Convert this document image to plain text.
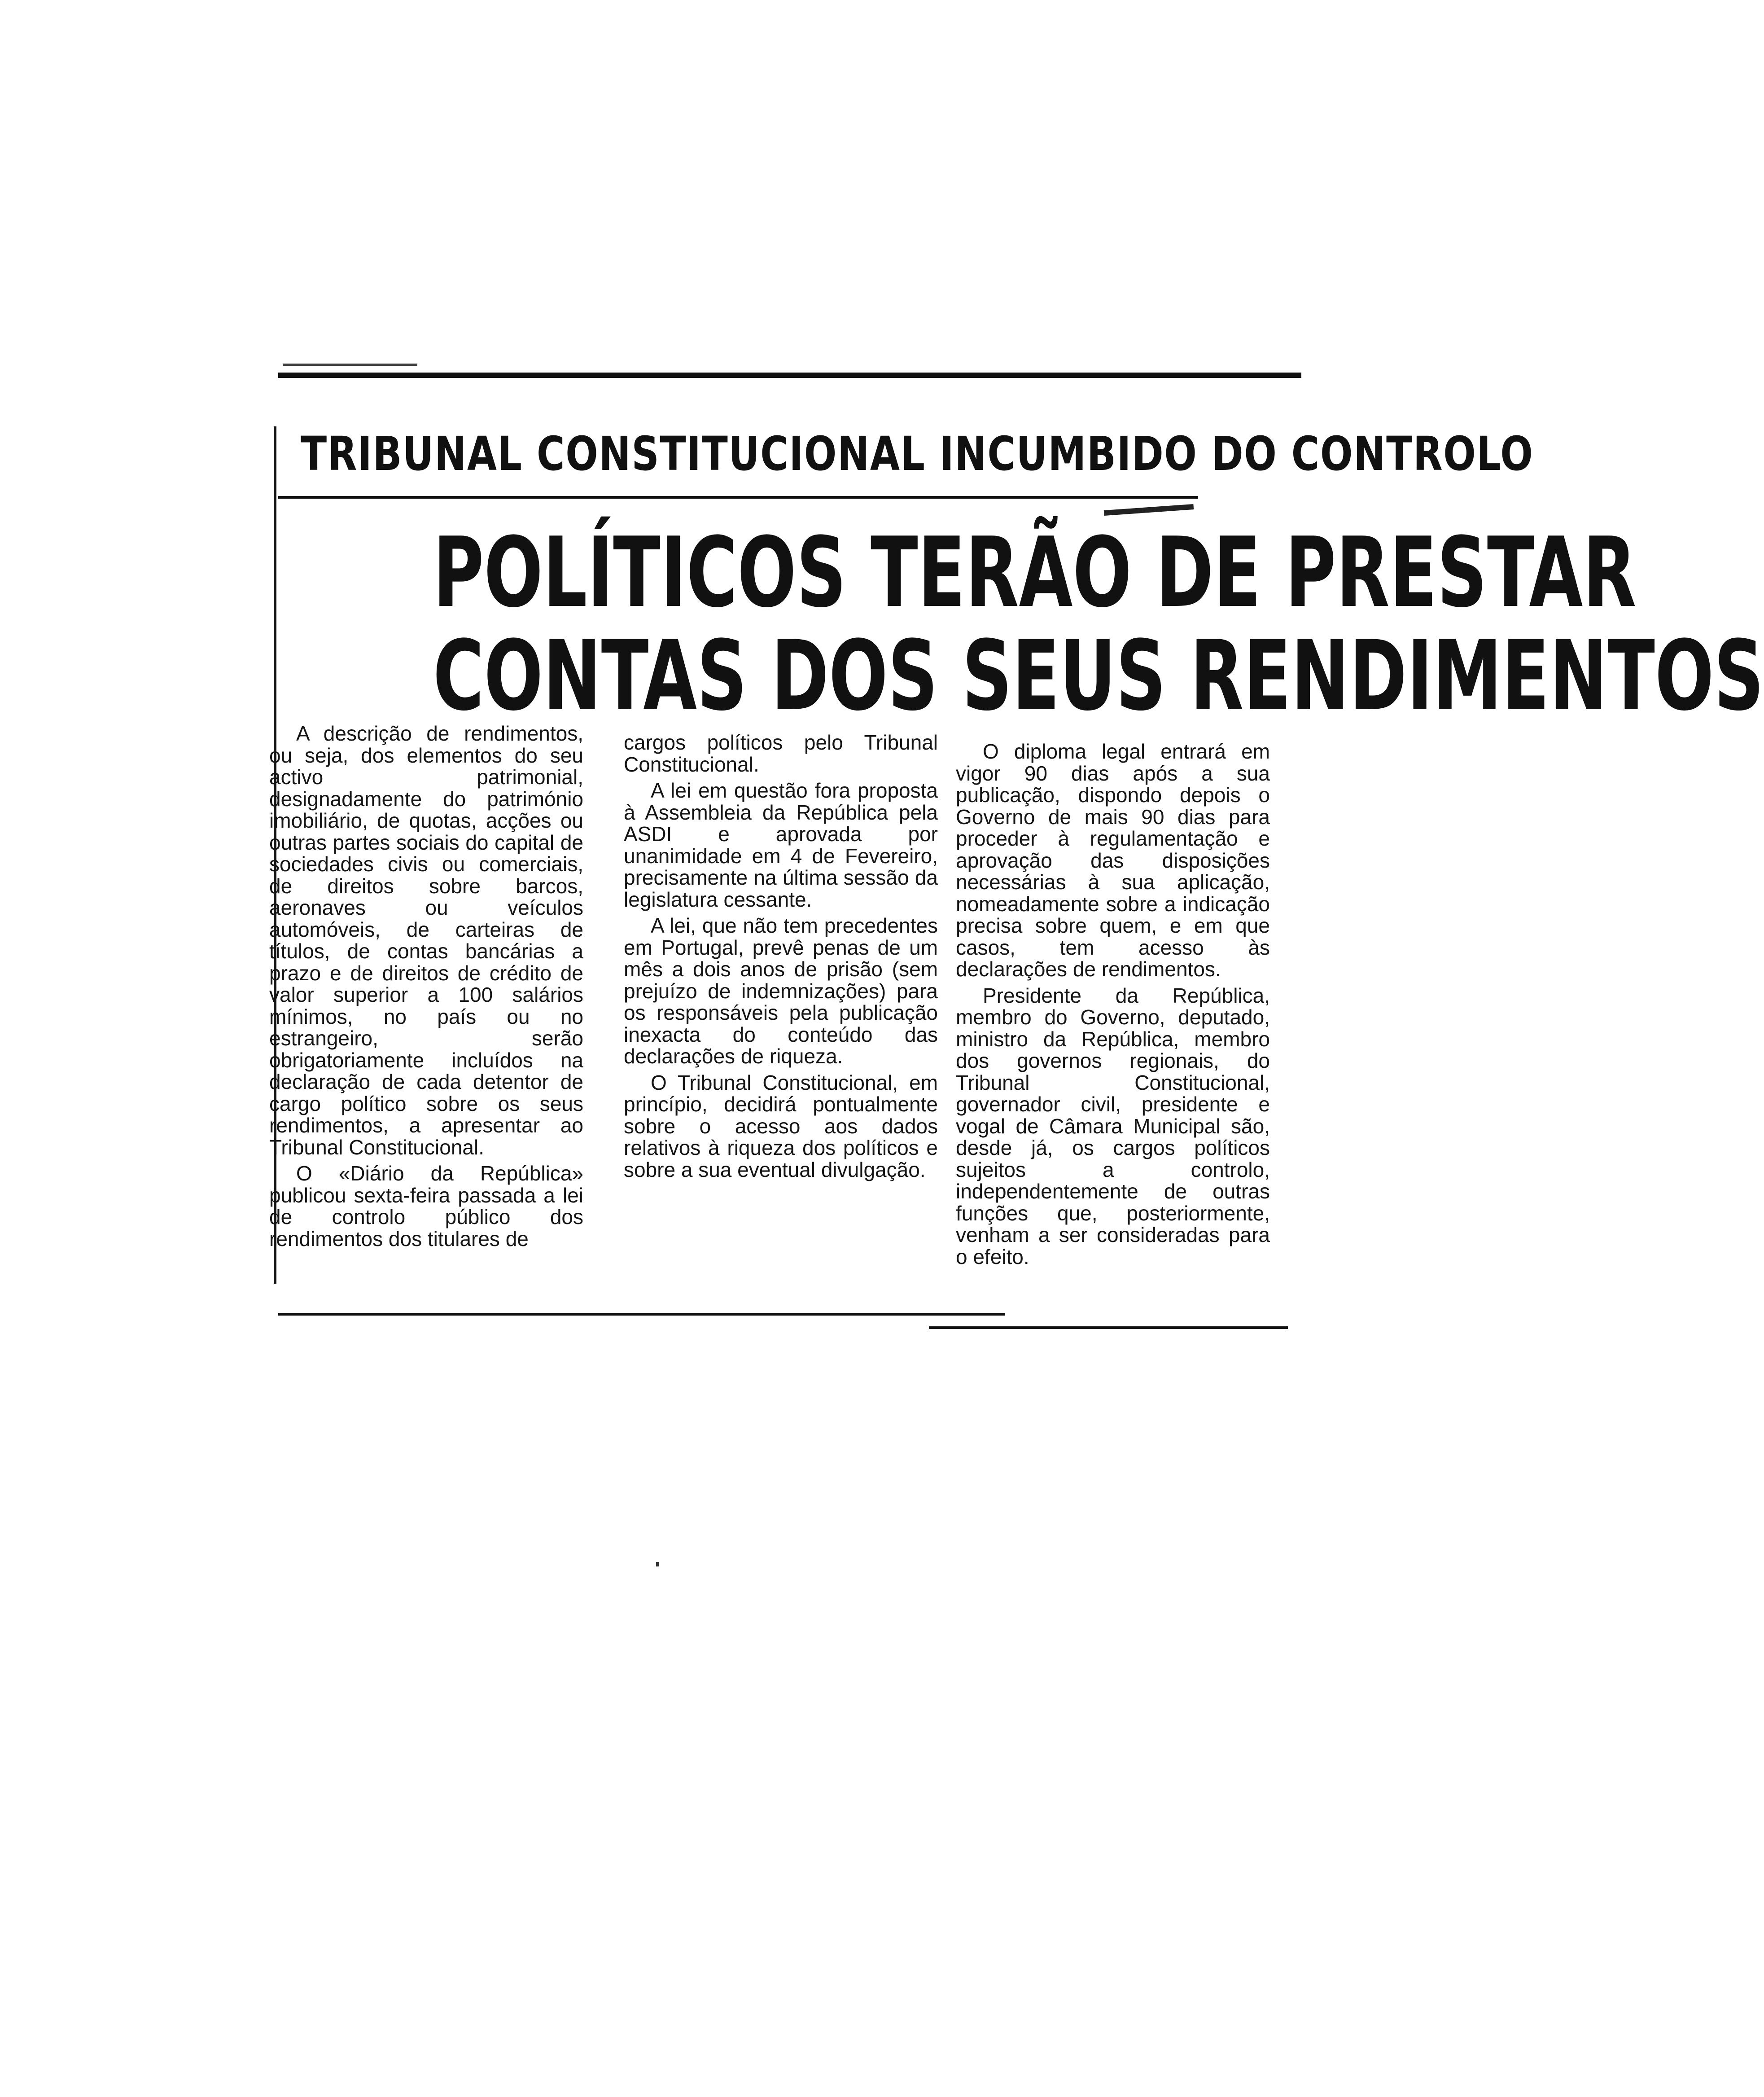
TRIBUNAL CONSTITUCIONAL INCUMBIDO DO CONTROLO
POLÍTICOS TERÃO DE PRESTAR
CONTAS DOS SEUS RENDIMENTOS

A descrição de rendimentos, ou seja, dos elementos do seu activo patrimonial, designadamente do património imobiliário, de quotas, acções ou outras partes sociais do capital de sociedades civis ou comerciais, de direitos sobre barcos, aeronaves ou veículos automóveis, de carteiras de títulos, de contas bancárias a prazo e de direitos de crédito de valor superior a 100 salários mínimos, no país ou no estrangeiro, serão obrigatoriamente incluídos na declaração de cada detentor de cargo político sobre os seus rendimentos, a apresentar ao Tribunal Constitucional.

O «Diário da República» publicou sexta-feira passada a lei de controlo público dos rendimentos dos titulares de

cargos políticos pelo Tribunal Constitucional.

A lei em questão fora proposta à Assembleia da República pela ASDI e aprovada por unanimidade em 4 de Fevereiro, precisamente na última sessão da legislatura cessante.

A lei, que não tem precedentes em Portugal, prevê penas de um mês a dois anos de prisão (sem prejuízo de indemnizações) para os responsáveis pela publicação inexacta do conteúdo das declarações de riqueza.

O Tribunal Constitucional, em princípio, decidirá pontualmente sobre o acesso aos dados relativos à riqueza dos políticos e sobre a sua eventual divulgação.

O diploma legal entrará em vigor 90 dias após a sua publicação, dispondo depois o Governo de mais 90 dias para proceder à regulamentação e aprovação das disposições necessárias à sua aplicação, nomeadamente sobre a indicação precisa sobre quem, e em que casos, tem acesso às declarações de rendimentos.

Presidente da República, membro do Governo, deputado, ministro da República, membro dos governos regionais, do Tribunal Constitucional, governador civil, presidente e vogal de Câmara Municipal são, desde já, os cargos políticos sujeitos a controlo, independentemente de outras funções que, posteriormente, venham a ser consideradas para o efeito.
